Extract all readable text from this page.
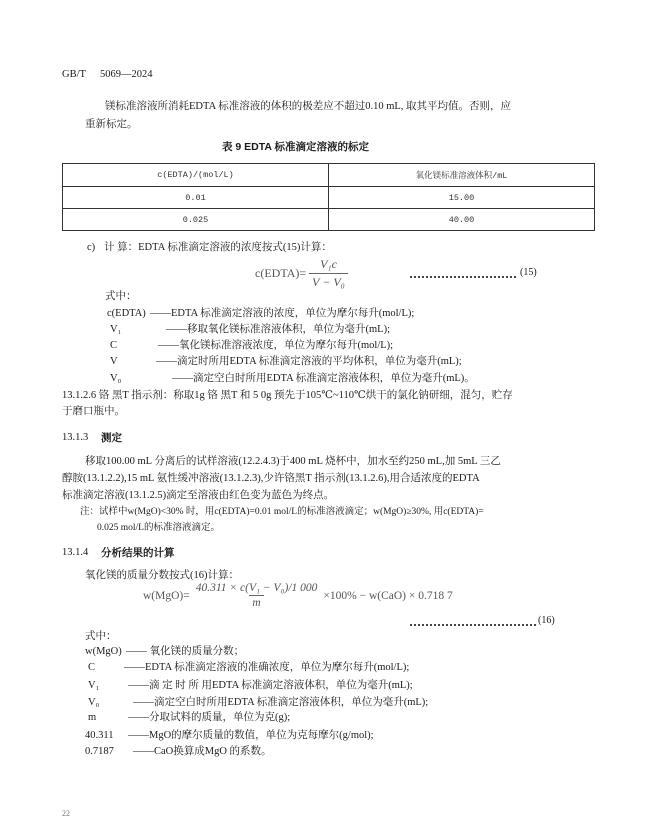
GB/T 5069—2024
镁标准溶液所消耗EDTA 标准溶液的体积的极差应不超过0.10 mL, 取其平均值。否则，应
重新标定。
表 9 EDTA 标准滴定溶液的标定
c(EDTA)/(mol/L)	氧化镁标准溶液体积/mL
0.01	15.00
0.025	40.00
c) 计 算：EDTA 标准滴定溶液的浓度按式(15)计算：
c(EDTA)= $\frac{\text{V₁c}}{\text{V − V₀}}$	(15)
式中：
c(EDTA) ——EDTA 标准滴定溶液的浓度，单位为摩尔每升(mol/L);
V₁	——移取氧化镁标准溶液体积，单位为毫升(mL);
C	——氧化镁标准溶液浓度，单位为摩尔每升(mol/L);
V	——滴定时所用EDTA 标准滴定溶液的平均体积，单位为毫升(mL);
V₀	——滴定空白时所用EDTA 标准滴定溶液体积，单位为毫升(mL)。
13.1.2.6 铬 黑T 指示剂：称取1g 铬 黑T 和 5 0g 预先于105℃~110℃烘干的氯化钠研细，混匀，贮存
于磨口瓶中。
13.1.3 测定
移取100.00 mL 分离后的试样溶液(12.2.4.3)于400 mL 烧杯中，加水至约250 mL,加 5mL 三乙
醇胺(13.1.2.2),15 mL 氨性缓冲溶液(13.1.2.3),少许铬黑T 指示剂(13.1.2.6),用合适浓度的EDTA
标准滴定溶液(13.1.2.5)滴定至溶液由红色变为蓝色为终点。
注：试样中w(MgO)<30% 时，用c(EDTA)=0.01 mol/L的标准溶液滴定；w(MgO)≥30%, 用c(EDTA)=
0.025 mol/L的标准溶液滴定。
13.1.4 分析结果的计算
氧化镁的质量分数按式(16)计算：
$w(MgO)= \frac{\text{40.311 × c(V₁ − V₀)/1 000}}{m} \times 100\% - w(CaO) \times 0.718$ 7
(16)
式中：
w(MgO) —— 氧化镁的质量分数；
C	——EDTA 标准滴定溶液的准确浓度，单位为摩尔每升(mol/L);
V₁	——滴 定 时 所 用EDTA 标准滴定溶液体积，单位为毫升(mL);
V₀	——滴定空白时所用EDTA 标准滴定溶液体积，单位为毫升(mL);
m	——分取试料的质量，单位为克(g);
40.311 ——MgO的摩尔质量的数值，单位为克每摩尔(g/mol);
0.7187 ——CaO换算成MgO 的系数。
22
